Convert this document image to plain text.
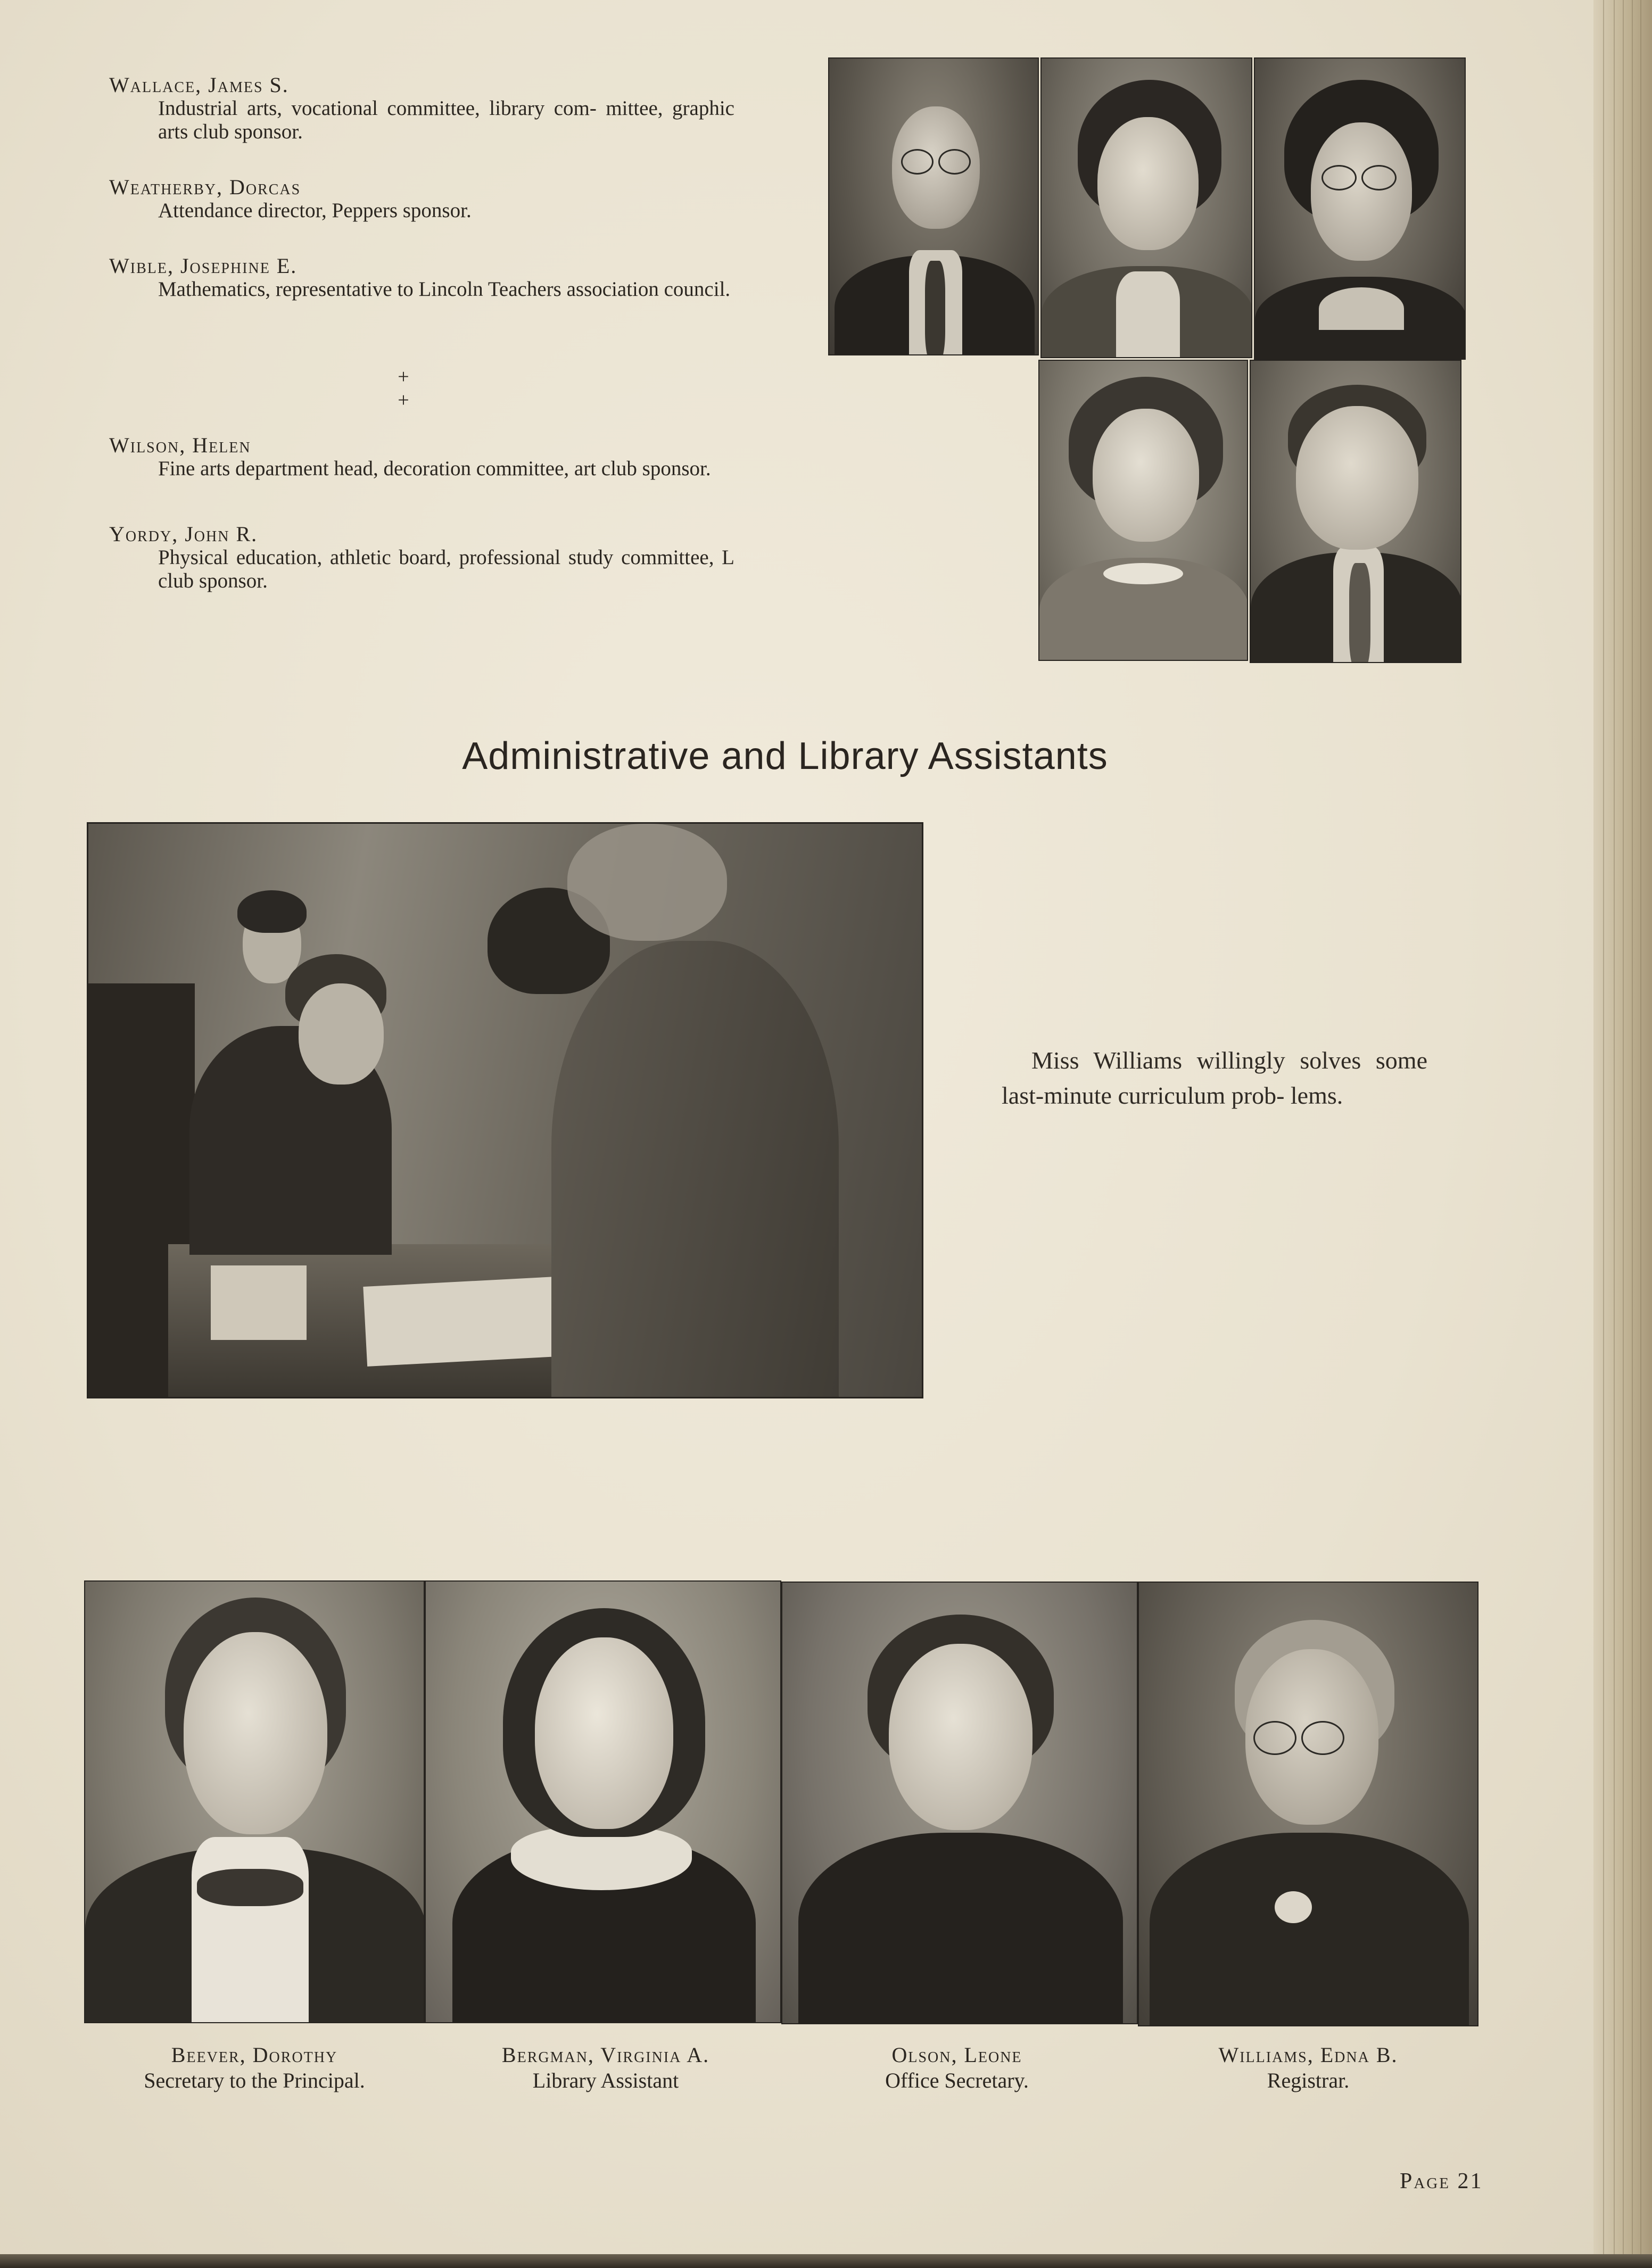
Wallace, James S.
Industrial arts, vocational committee, library com- mittee, graphic arts club sponsor.
Weatherby, Dorcas
Attendance director, Peppers sponsor.
Wible, Josephine E.
Mathematics, representative to Lincoln Teachers association council.
+ +
Wilson, Helen
Fine arts department head, decoration committee, art club sponsor.
Yordy, John R.
Physical education, athletic board, professional study committee, L club sponsor.
Administrative and Library Assistants
Miss Williams willingly solves some last-minute curriculum prob- lems.
Beever, Dorothy
Secretary to the Principal.
Bergman, Virginia A.
Library Assistant
Olson, Leone
Office Secretary.
Williams, Edna B.
Registrar.
Page 21
